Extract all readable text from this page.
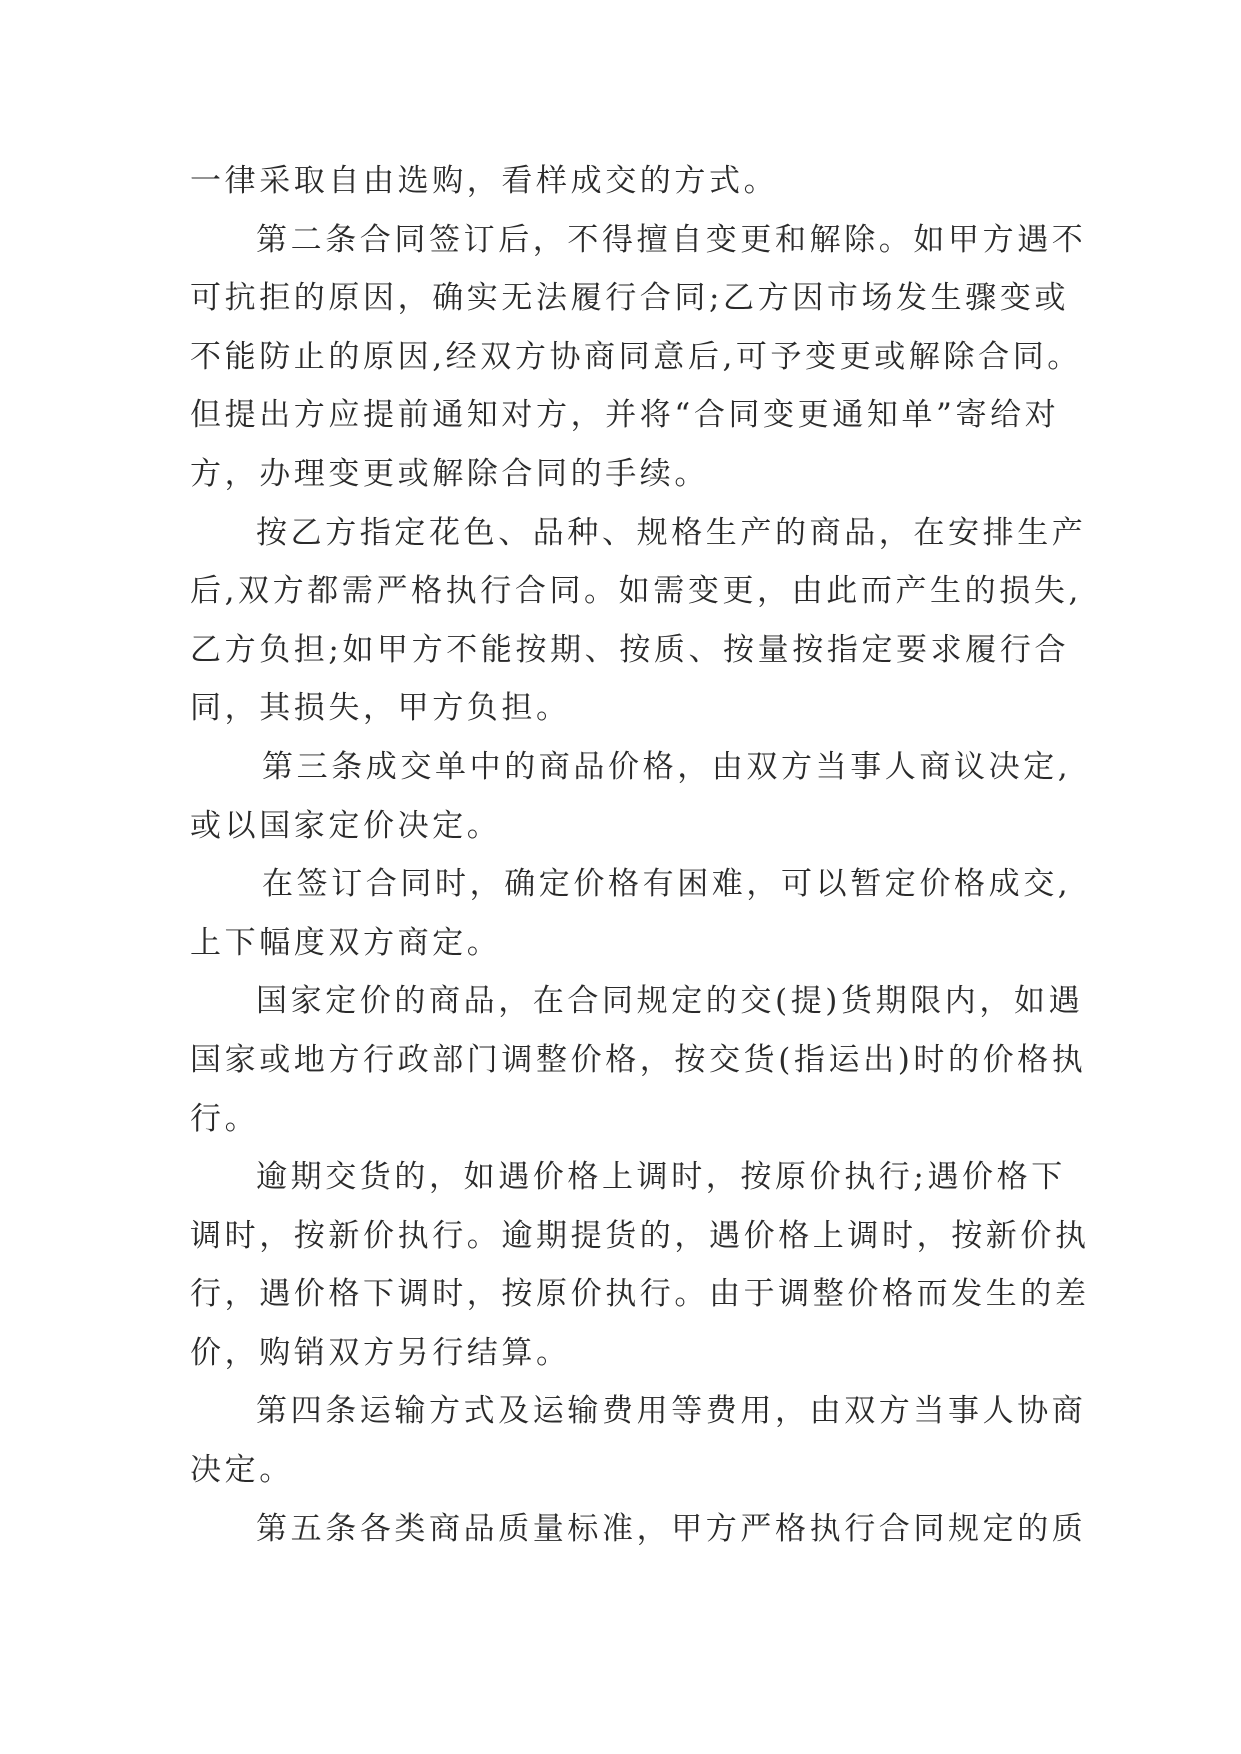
一律采取自由选购，看样成交的方式。

第二条合同签订后，不得擅自变更和解除。如甲方遇不
可抗拒的原因，确实无法履行合同;乙方因市场发生骤变或
不能防止的原因,经双方协商同意后,可予变更或解除合同。
但提出方应提前通知对方，并将“合同变更通知单”寄给对
方，办理变更或解除合同的手续。

按乙方指定花色、品种、规格生产的商品，在安排生产
后,双方都需严格执行合同。如需变更，由此而产生的损失,
乙方负担;如甲方不能按期、按质、按量按指定要求履行合
同，其损失，甲方负担。

第三条成交单中的商品价格，由双方当事人商议决定,
或以国家定价决定。

在签订合同时，确定价格有困难，可以暂定价格成交,
上下幅度双方商定。

国家定价的商品，在合同规定的交(提)货期限内，如遇
国家或地方行政部门调整价格，按交货(指运出)时的价格执
行。

逾期交货的，如遇价格上调时，按原价执行;遇价格下
调时，按新价执行。逾期提货的，遇价格上调时，按新价执
行，遇价格下调时，按原价执行。由于调整价格而发生的差
价，购销双方另行结算。

第四条运输方式及运输费用等费用，由双方当事人协商
决定。

第五条各类商品质量标准，甲方严格执行合同规定的质
